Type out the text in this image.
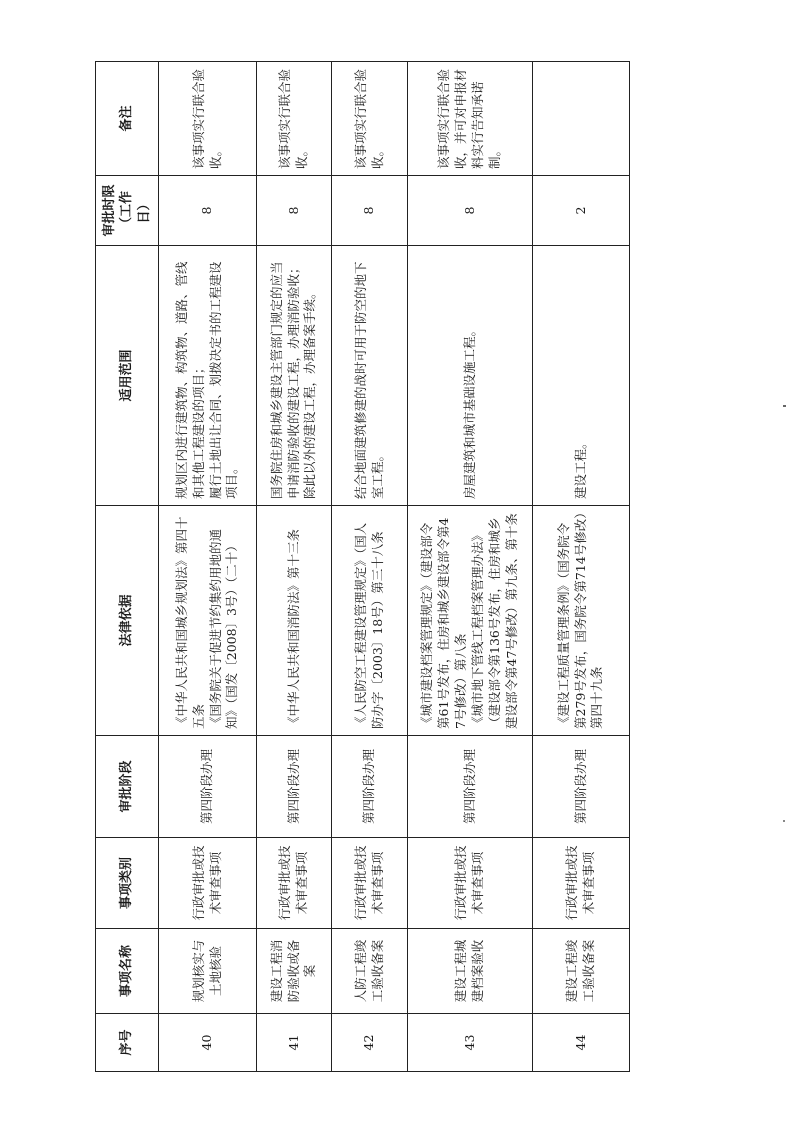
序号	事项名称	事项类别	审批阶段	法律依据	适用范围	审批时限（工作日）	备注
40	规划核实与土地核验	行政审批或技术审查事项	第四阶段办理	《中华人民共和国城乡规划法》第四十五条 《国务院关于促进节约集约用地的通知》（国发〔2008〕3号）（二十）	规划区内进行建筑物、构筑物、道路、管线和其他工程建设的项目； 履行土地出让合同、划拨决定书的工程建设项目。	8	该事项实行联合验收。
41	建设工程消防验收或备案	行政审批或技术审查事项	第四阶段办理	《中华人民共和国消防法》第十三条	国务院住房和城乡建设主管部门规定的应当申请消防验收的建设工程，办理消防验收；除此以外的建设工程，办理备案手续。	8	该事项实行联合验收。
42	人防工程竣工验收备案	行政审批或技术审查事项	第四阶段办理	《人民防空工程建设管理规定》（国人防办字〔2003〕18号）第三十八条	结合地面建筑修建的战时可用于防空的地下室工程。	8	该事项实行联合验收。
43	建设工程城建档案验收	行政审批或技术审查事项	第四阶段办理	《城市建设档案管理规定》（建设部令第61号发布，住房和城乡建设部令第47号修改）第八条 《城市地下管线工程档案管理办法》（建设部令第136号发布，住房和城乡建设部令第47号修改）第九条、第十条	房屋建筑和城市基础设施工程。	8	该事项实行联合验收，并可对申报材料实行告知承诺制。
44	建设工程竣工验收备案	行政审批或技术审查事项	第四阶段办理	《建设工程质量管理条例》（国务院令第279号发布，国务院令第714号修改）第四十九条	建设工程。	2	
